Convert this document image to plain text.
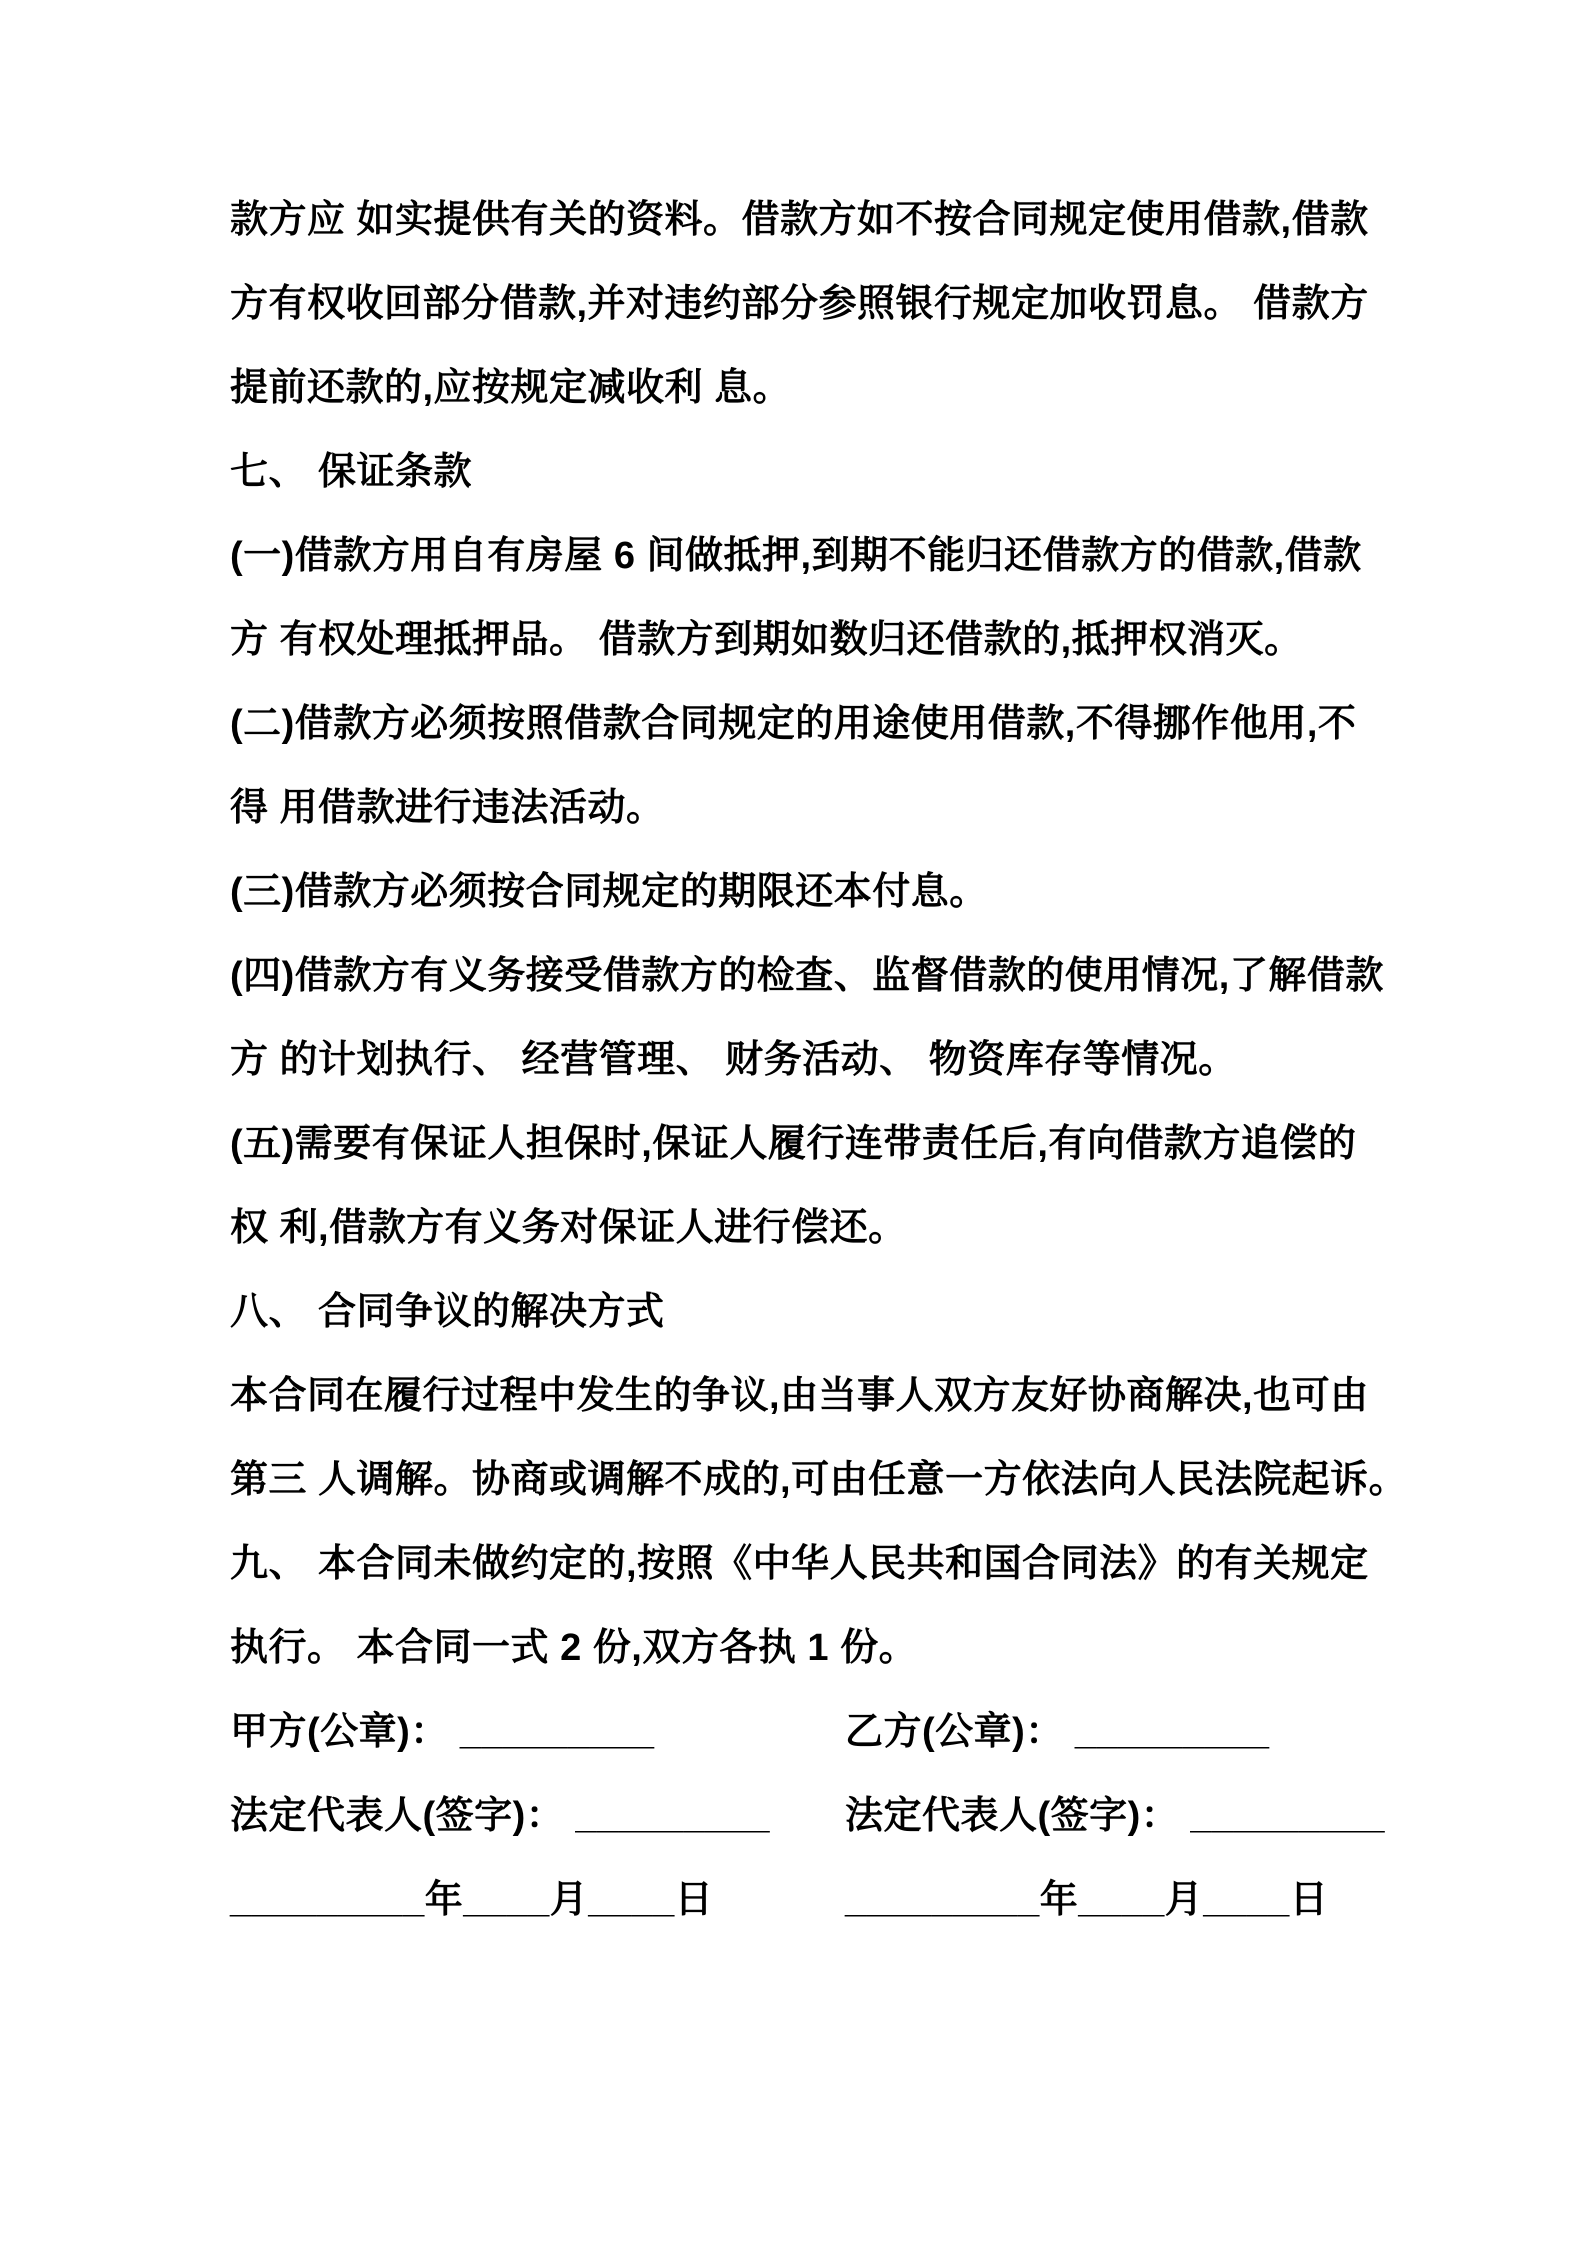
款方应 如实提供有关的资料。借款方如不按合同规定使用借款,借款
方有权收回部分借款,并对违约部分参照银行规定加收罚息。 借款方
提前还款的,应按规定减收利 息。
七、 保证条款
(一)借款方用自有房屋 6 间做抵押,到期不能归还借款方的借款,借款
方 有权处理抵押品。 借款方到期如数归还借款的,抵押权消灭。
(二)借款方必须按照借款合同规定的用途使用借款,不得挪作他用,不
得 用借款进行违法活动。
(三)借款方必须按合同规定的期限还本付息。
(四)借款方有义务接受借款方的检查、监督借款的使用情况,了解借款
方 的计划执行、 经营管理、 财务活动、 物资库存等情况。
(五)需要有保证人担保时,保证人履行连带责任后,有向借款方追偿的
权 利,借款方有义务对保证人进行偿还。
八、 合同争议的解决方式
本合同在履行过程中发生的争议,由当事人双方友好协商解决,也可由
第三 人调解。协商或调解不成的,可由任意一方依法向人民法院起诉。
九、 本合同未做约定的,按照《中华人民共和国合同法》的有关规定
执行。 本合同一式 2 份,双方各执 1 份。
甲方(公章)： _________	乙方(公章)： _________
法定代表人(签字)： _________ 法定代表人(签字)： _________
_________年____月____日	_________年____月____日
